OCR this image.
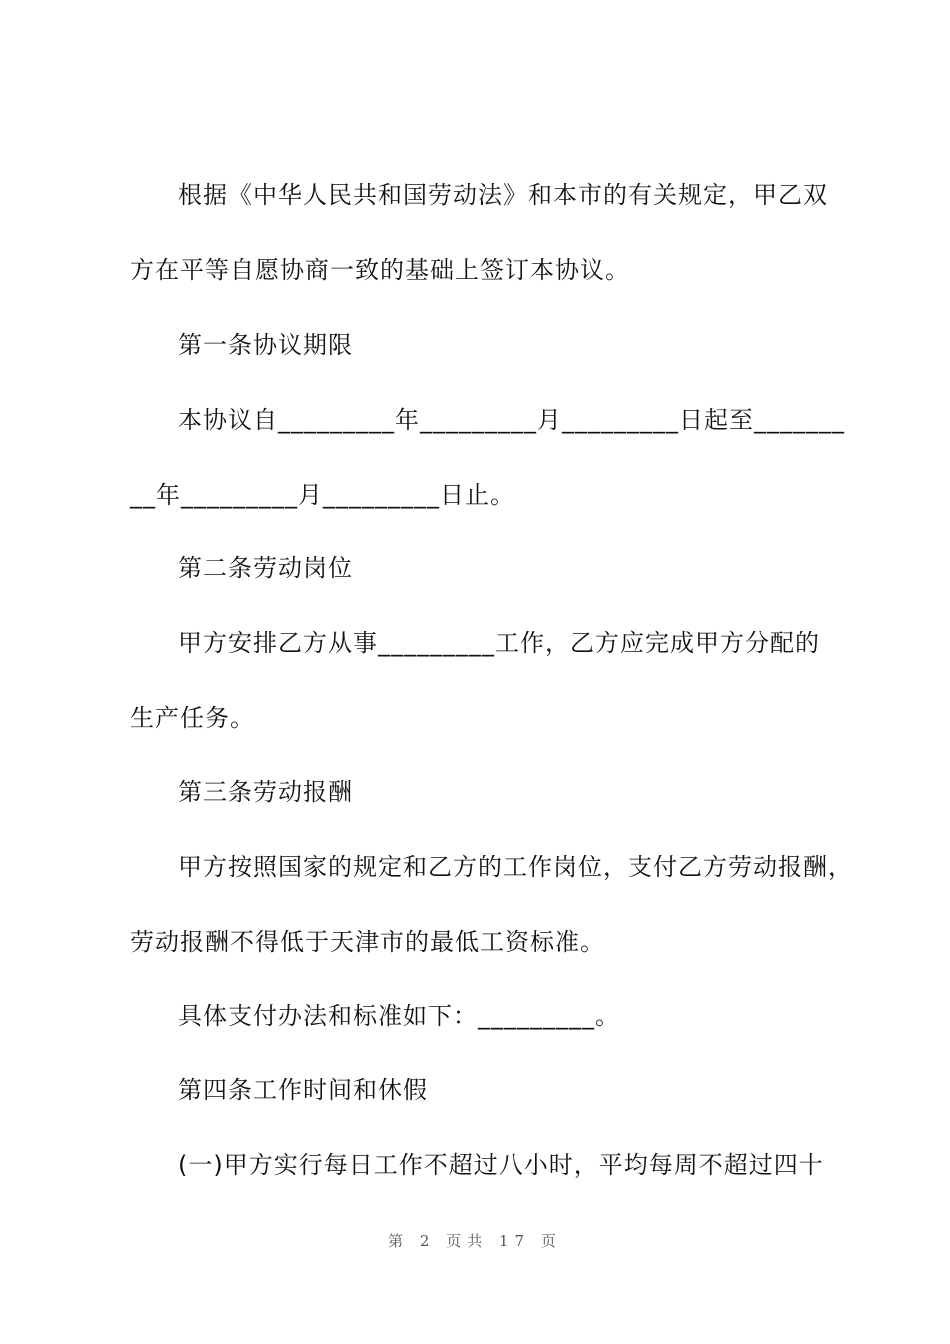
根据《中华人民共和国劳动法》和本市的有关规定，甲乙双
方在平等自愿协商一致的基础上签订本协议。
第一条协议期限
本协议自_________年_________月_________日起至_______
__年_________月_________日止。
第二条劳动岗位
甲方安排乙方从事_________工作，乙方应完成甲方分配的
生产任务。
第三条劳动报酬
甲方按照国家的规定和乙方的工作岗位，支付乙方劳动报酬，
劳动报酬不得低于天津市的最低工资标准。
具体支付办法和标准如下：_________。
第四条工作时间和休假
(一)甲方实行每日工作不超过八小时，平均每周不超过四十
第 2 页共 17 页
